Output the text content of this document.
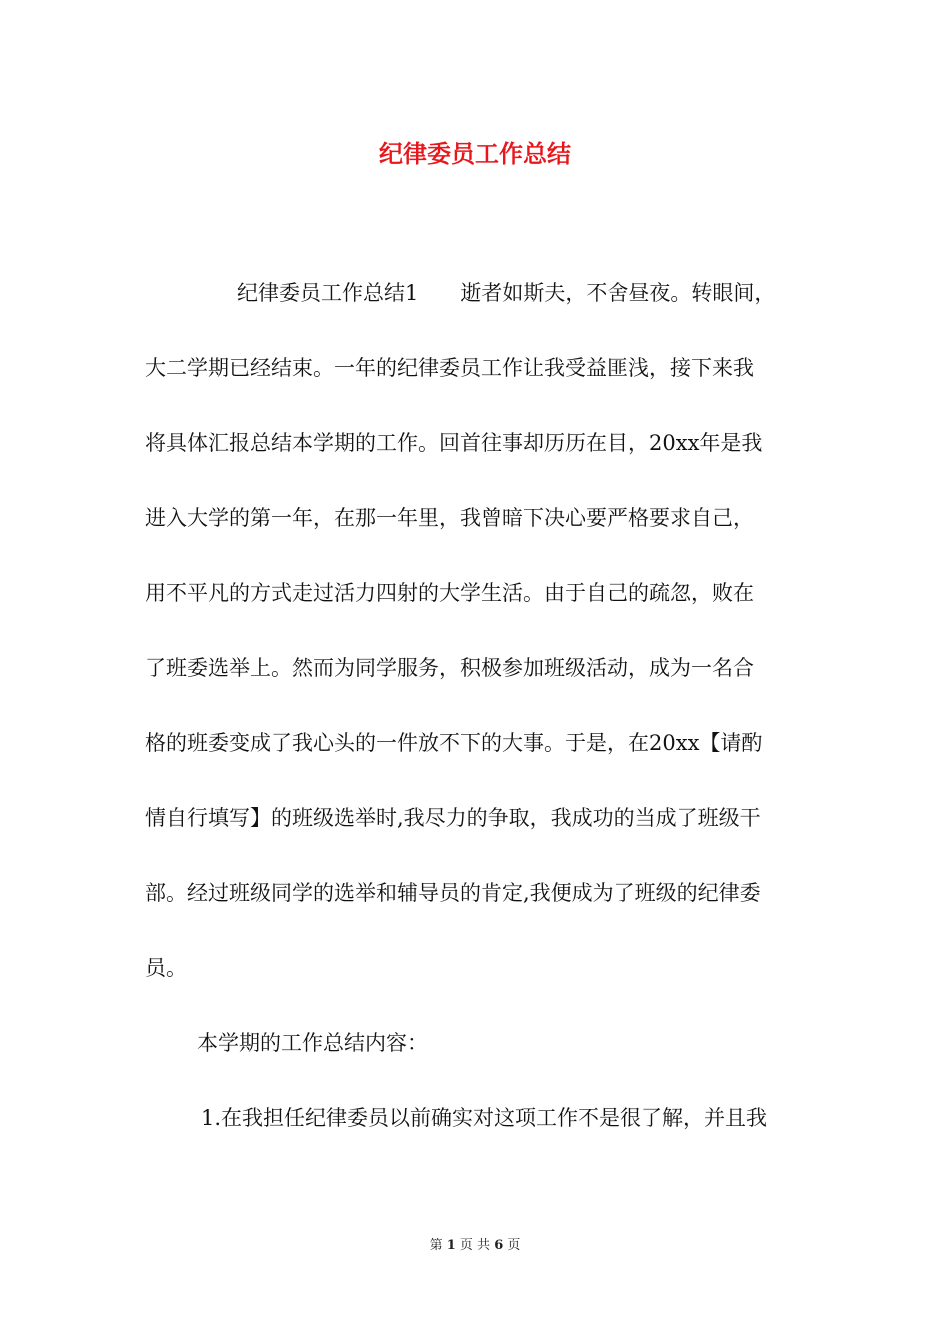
纪律委员工作总结

纪律委员工作总结1　　逝者如斯夫，不舍昼夜。转眼间，

大二学期已经结束。一年的纪律委员工作让我受益匪浅，接下来我

将具体汇报总结本学期的工作。回首往事却历历在目，20xx年是我

进入大学的第一年，在那一年里，我曾暗下决心要严格要求自己，

用不平凡的方式走过活力四射的大学生活。由于自己的疏忽，败在

了班委选举上。然而为同学服务，积极参加班级活动，成为一名合

格的班委变成了我心头的一件放不下的大事。于是，在20xx【请酌

情自行填写】的班级选举时,我尽力的争取，我成功的当成了班级干

部。经过班级同学的选举和辅导员的肯定,我便成为了班级的纪律委

员。

本学期的工作总结内容：

1.在我担任纪律委员以前确实对这项工作不是很了解，并且我

第 1 页 共 6 页
